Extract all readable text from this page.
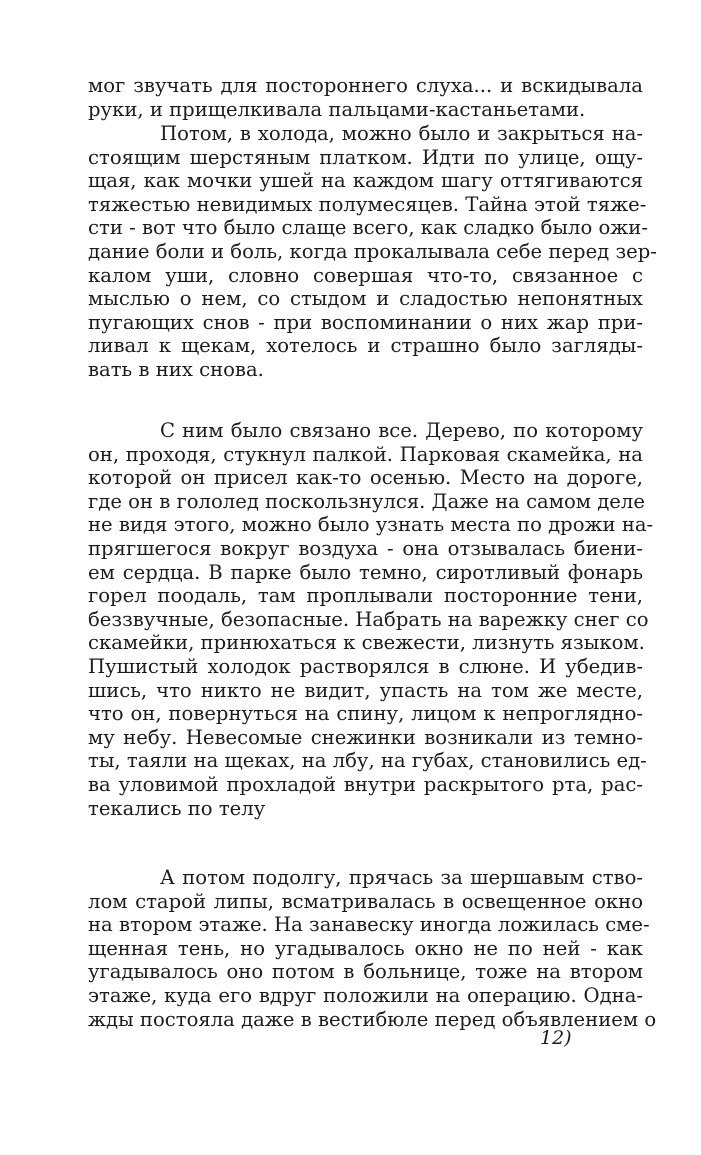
мог звучать для постороннего слуха... и вскидывала
руки, и прищелкивала пальцами-кастаньетами.
Потом, в холода, можно было и закрыться на-
стоящим шерстяным платком. Идти по улице, ощу-
щая, как мочки ушей на каждом шагу оттягиваются
тяжестью невидимых полумесяцев. Тайна этой тяже-
сти - вот что было слаще всего, как сладко было ожи-
дание боли и боль, когда прокалывала себе перед зер-
калом уши, словно совершая что-то, связанное с
мыслью о нем, со стыдом и сладостью непонятных
пугающих снов - при воспоминании о них жар при-
ливал к щекам, хотелось и страшно было загляды-
вать в них снова.
С ним было связано все. Дерево, по которому
он, проходя, стукнул палкой. Парковая скамейка, на
которой он присел как-то осенью. Место на дороге,
где он в гололед поскользнулся. Даже на самом деле
не видя этого, можно было узнать места по дрожи на-
прягшегося вокруг воздуха - она отзывалась биени-
ем сердца. В парке было темно, сиротливый фонарь
горел поодаль, там проплывали посторонние тени,
беззвучные, безопасные. Набрать на варежку снег со
скамейки, принюхаться к свежести, лизнуть языком.
Пушистый холодок растворялся в слюне. И убедив-
шись, что никто не видит, упасть на том же месте,
что он, повернуться на спину, лицом к непроглядно-
му небу. Невесомые снежинки возникали из темно-
ты, таяли на щеках, на лбу, на губах, становились ед-
ва уловимой прохладой внутри раскрытого рта, рас-
текались по телу
А потом подолгу, прячась за шершавым ство-
лом старой липы, всматривалась в освещенное окно
на втором этаже. На занавеску иногда ложилась сме-
щенная тень, но угадывалось окно не по ней - как
угадывалось оно потом в больнице, тоже на втором
этаже, куда его вдруг положили на операцию. Однa-
жды постояла даже в вестибюле перед объявлением о
12)
